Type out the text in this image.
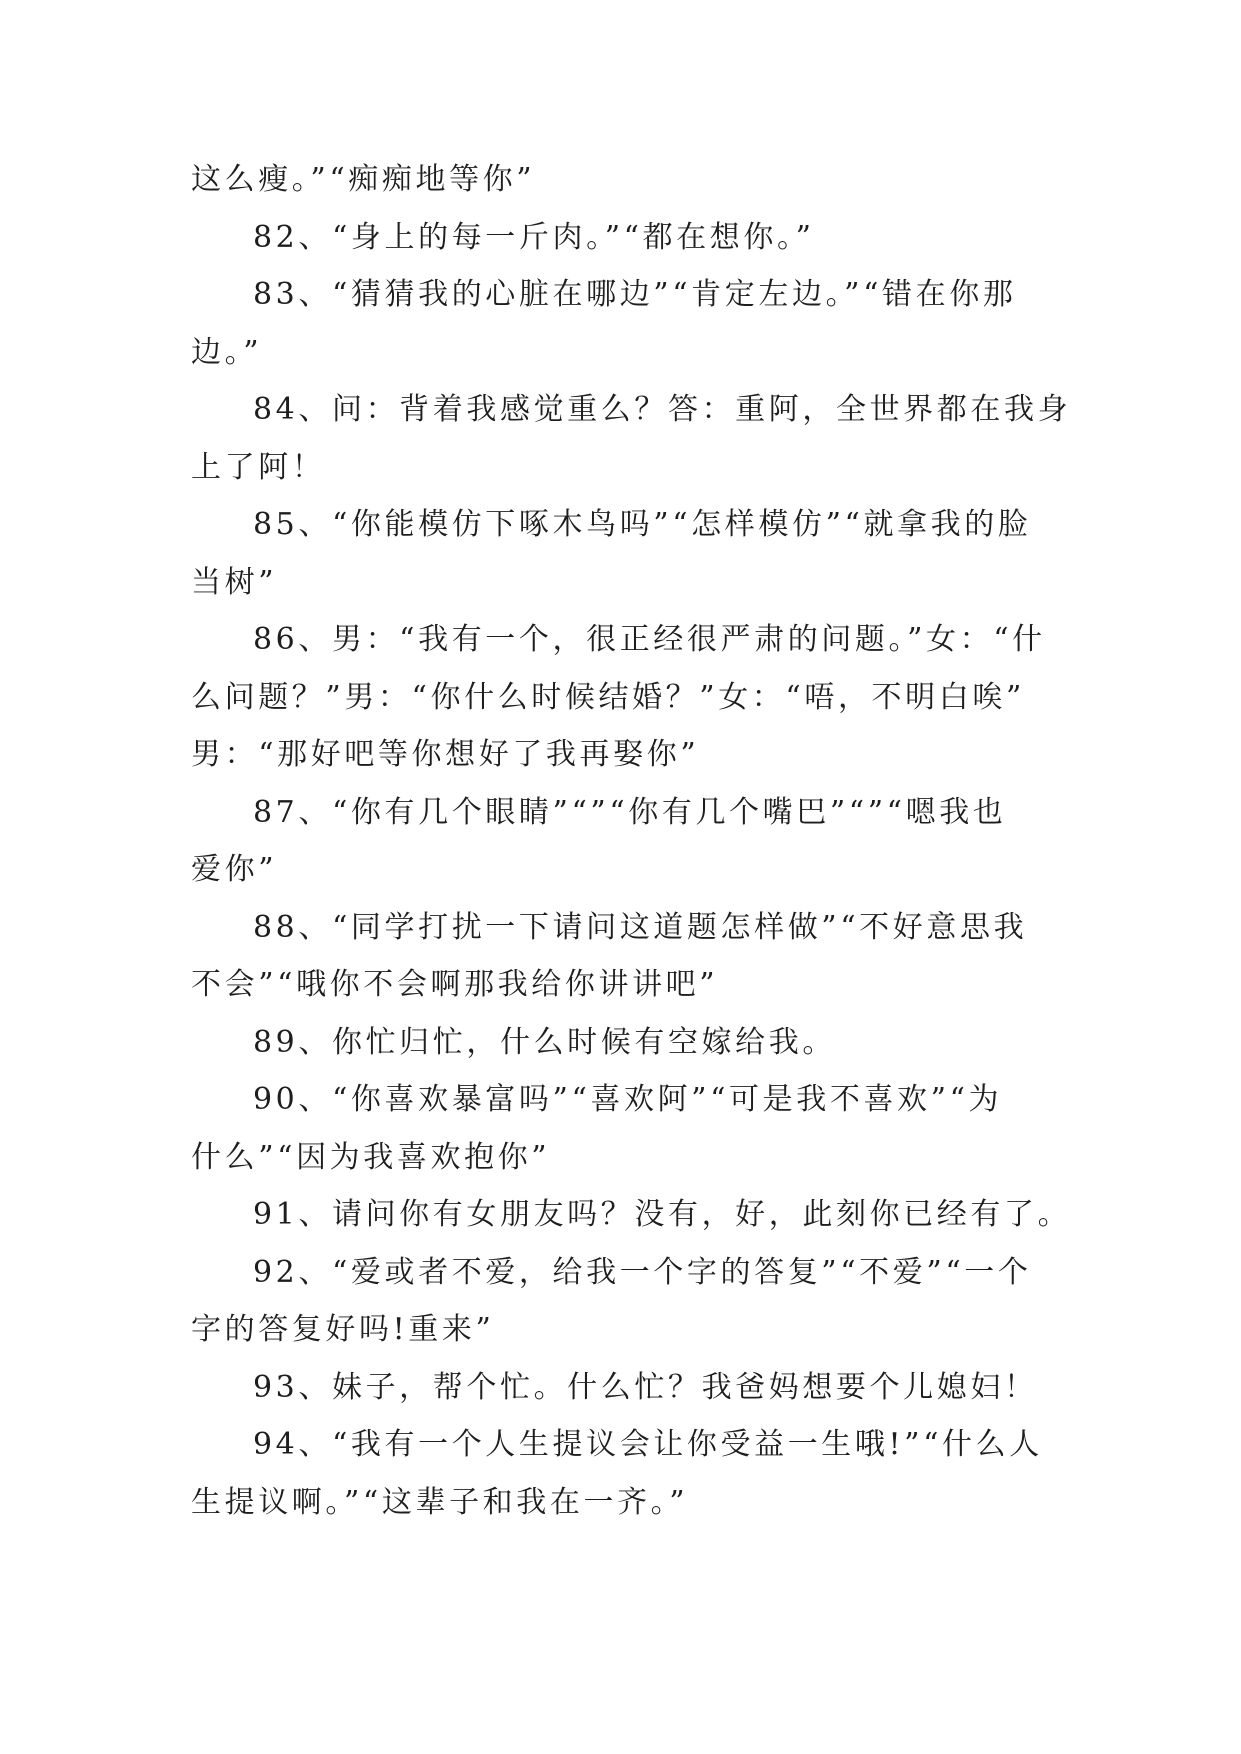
这么瘦。”“痴痴地等你”
82、“身上的每一斤肉。”“都在想你。”
83、“猜猜我的心脏在哪边”“肯定左边。”“错在你那
边。”
84、问：背着我感觉重么？答：重阿，全世界都在我身
上了阿！
85、“你能模仿下啄木鸟吗”“怎样模仿”“就拿我的脸
当树”
86、男：“我有一个，很正经很严肃的问题。”女：“什
么问题？”男：“你什么时候结婚？”女：“唔，不明白唉”
男：“那好吧等你想好了我再娶你”
87、“你有几个眼睛”“”“你有几个嘴巴”“”“嗯我也
爱你”
88、“同学打扰一下请问这道题怎样做”“不好意思我
不会”“哦你不会啊那我给你讲讲吧”
89、你忙归忙，什么时候有空嫁给我。
90、“你喜欢暴富吗”“喜欢阿”“可是我不喜欢”“为
什么”“因为我喜欢抱你”
91、请问你有女朋友吗？没有，好，此刻你已经有了。
92、“爱或者不爱，给我一个字的答复”“不爱”“一个
字的答复好吗!重来”
93、妹子，帮个忙。什么忙？我爸妈想要个儿媳妇！
94、“我有一个人生提议会让你受益一生哦!”“什么人
生提议啊。”“这辈子和我在一齐。”
